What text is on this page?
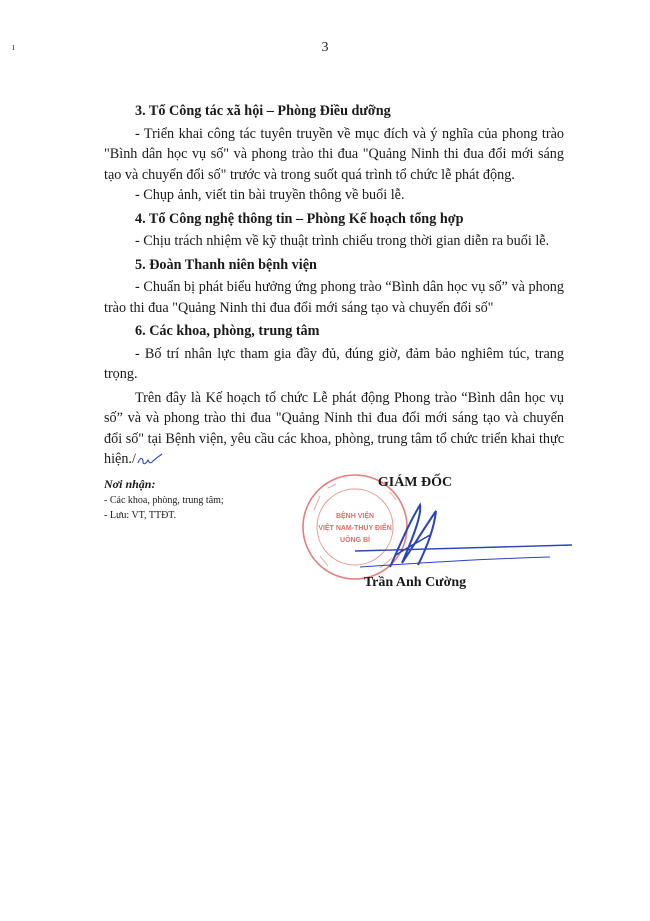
ı	3

3. Tổ Công tác xã hội – Phòng Điều dưỡng

- Triển khai công tác tuyên truyền về mục đích và ý nghĩa của phong trào "Bình dân học vụ số" và phong trào thi đua "Quảng Ninh thi đua đổi mới sáng tạo và chuyển đổi số" trước và trong suốt quá trình tổ chức lễ phát động.

- Chụp ảnh, viết tin bài truyền thông về buổi lễ.

4. Tổ Công nghệ thông tin – Phòng Kế hoạch tổng hợp

- Chịu trách nhiệm về kỹ thuật trình chiếu trong thời gian diễn ra buổi lễ.

5. Đoàn Thanh niên bệnh viện

- Chuẩn bị phát biểu hưởng ứng phong trào “Bình dân học vụ số” và phong trào thi đua "Quảng Ninh thi đua đổi mới sáng tạo và chuyển đổi số"

6. Các khoa, phòng, trung tâm

- Bố trí nhân lực tham gia đầy đủ, đúng giờ, đảm bảo nghiêm túc, trang trọng.

Trên đây là Kế hoạch tổ chức Lễ phát động Phong trào “Bình dân học vụ số” và và phong trào thi đua "Quảng Ninh thi đua đổi mới sáng tạo và chuyển đổi số" tại Bệnh viện, yêu cầu các khoa, phòng, trung tâm tổ chức triển khai thực hiện./

Nơi nhận:
- Các khoa, phòng, trung tâm;
- Lưu: VT, TTĐT.	BỆNH VIỆN
VIỆT NAM-THỤY ĐIỂN
UÔNG BÍ
GIÁM ĐỐC
Trần Anh Cường
